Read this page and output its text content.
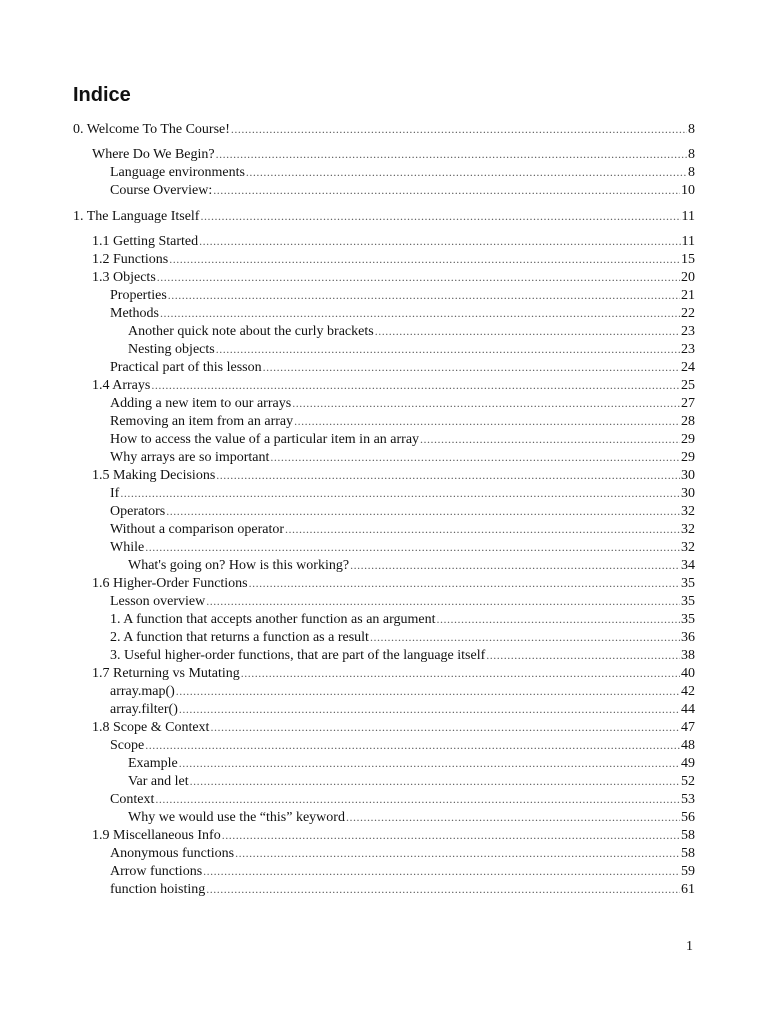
Indice
0. Welcome To The Course! .....	8
Where Do We Begin? .....	8
Language environments .....	8
Course Overview: .....	10
1. The Language Itself .....	11
1.1 Getting Started .....	11
1.2 Functions .....	15
1.3 Objects .....	20
Properties .....	21
Methods .....	22
Another quick note about the curly brackets .....	23
Nesting objects .....	23
Practical part of this lesson .....	24
1.4 Arrays .....	25
Adding a new item to our arrays .....	27
Removing an item from an array .....	28
How to access the value of a particular item in an array .....	29
Why arrays are so important .....	29
1.5 Making Decisions .....	30
If .....	30
Operators .....	32
Without a comparison operator .....	32
While .....	32
What's going on? How is this working? .....	34
1.6 Higher-Order Functions .....	35
Lesson overview .....	35
1. A function that accepts another function as an argument .....	35
2. A function that returns a function as a result .....	36
3. Useful higher-order functions, that are part of the language itself .....	38
1.7 Returning vs Mutating .....	40
array.map() .....	42
array.filter() .....	44
1.8 Scope & Context .....	47
Scope .....	48
Example .....	49
Var and let .....	52
Context .....	53
Why we would use the “this” keyword .....	56
1.9 Miscellaneous Info .....	58
Anonymous functions .....	58
Arrow functions .....	59
function hoisting .....	61
1
